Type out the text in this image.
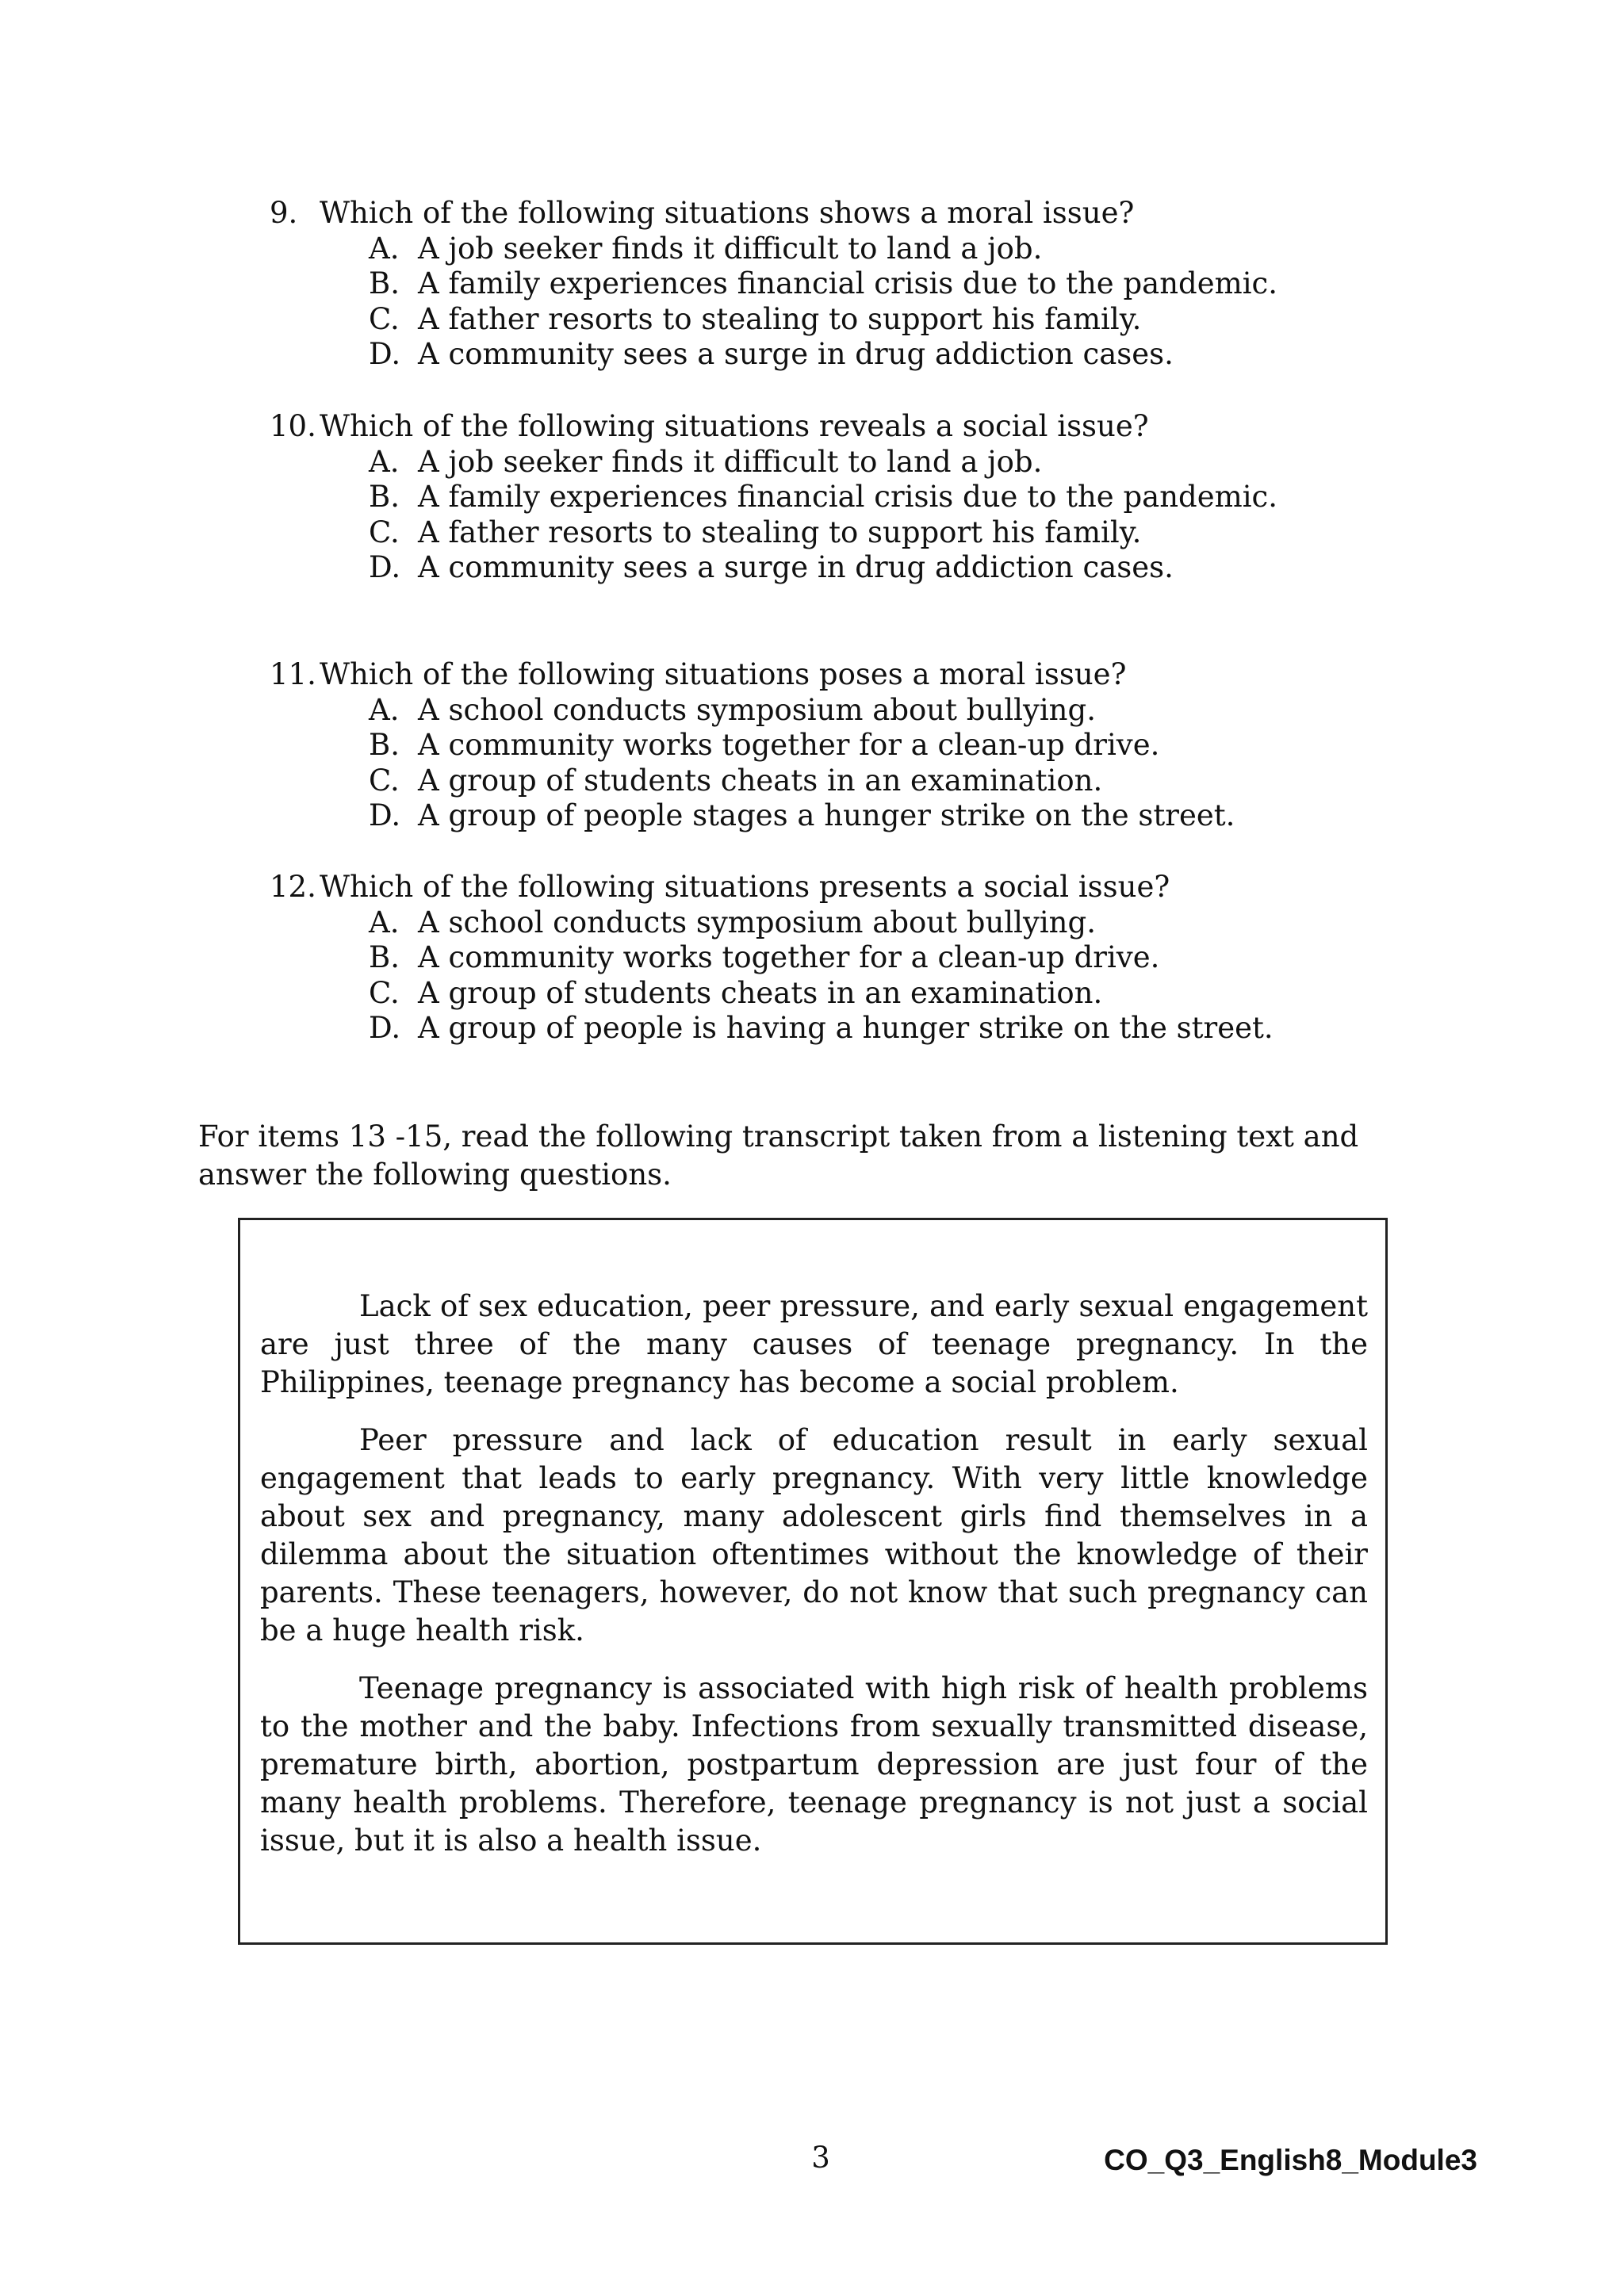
9. Which of the following situations shows a moral issue?
A. A job seeker finds it difficult to land a job.
B. A family experiences financial crisis due to the pandemic.
C. A father resorts to stealing to support his family.
D. A community sees a surge in drug addiction cases.
10. Which of the following situations reveals a social issue?
A. A job seeker finds it difficult to land a job.
B. A family experiences financial crisis due to the pandemic.
C. A father resorts to stealing to support his family.
D. A community sees a surge in drug addiction cases.
11. Which of the following situations poses a moral issue?
A. A school conducts symposium about bullying.
B. A community works together for a clean-up drive.
C. A group of students cheats in an examination.
D. A group of people stages a hunger strike on the street.
12. Which of the following situations presents a social issue?
A. A school conducts symposium about bullying.
B. A community works together for a clean-up drive.
C. A group of students cheats in an examination.
D. A group of people is having a hunger strike on the street.
For items 13 -15, read the following transcript taken from a listening text and answer the following questions.

Lack of sex education, peer pressure, and early sexual engagement are just three of the many causes of teenage pregnancy. In the Philippines, teenage pregnancy has become a social problem.

Peer pressure and lack of education result in early sexual engagement that leads to early pregnancy. With very little knowledge about sex and pregnancy, many adolescent girls find themselves in a dilemma about the situation oftentimes without the knowledge of their parents. These teenagers, however, do not know that such pregnancy can be a huge health risk.

Teenage pregnancy is associated with high risk of health problems to the mother and the baby. Infections from sexually transmitted disease, premature birth, abortion, postpartum depression are just four of the many health problems. Therefore, teenage pregnancy is not just a social issue, but it is also a health issue.

3	CO_Q3_English8_Module3
